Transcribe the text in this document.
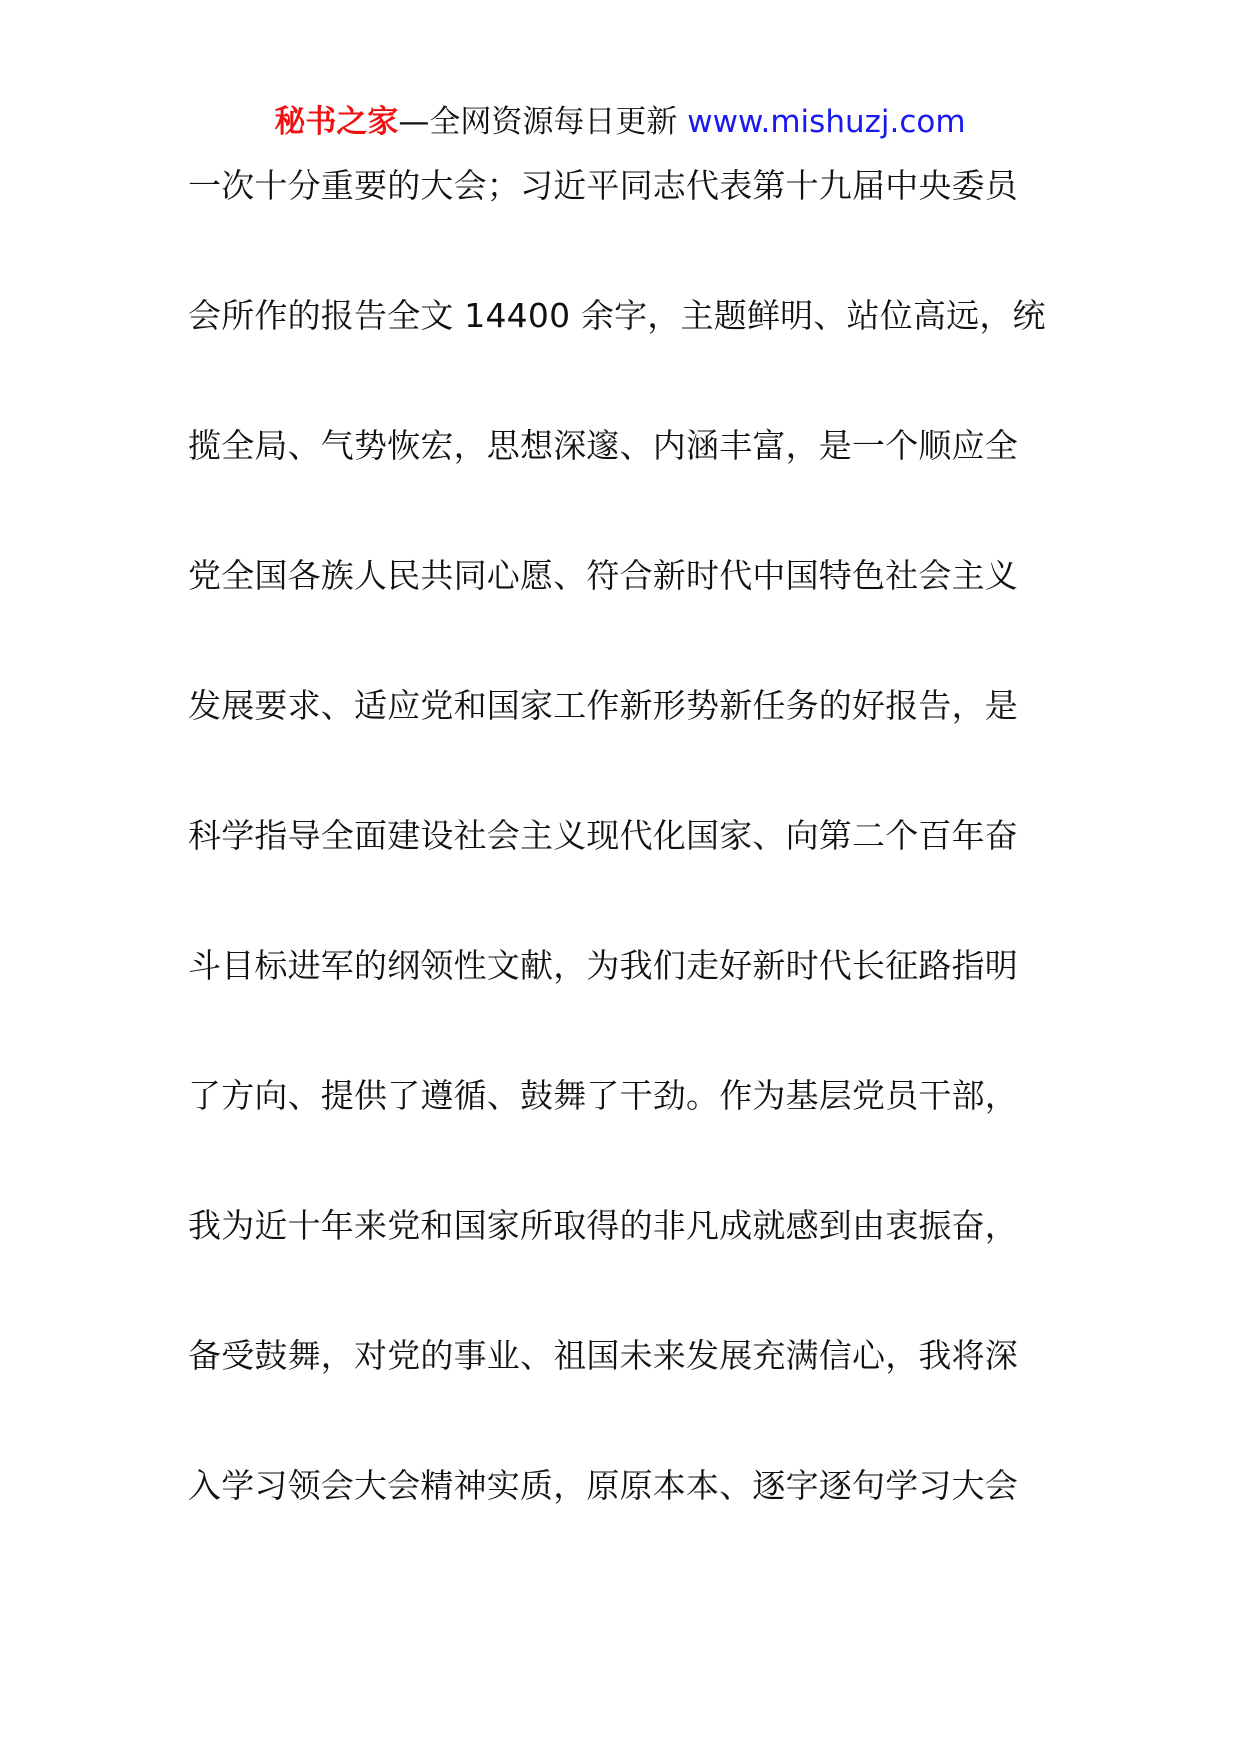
秘书之家—全网资源每日更新 www.mishuzj.com
一次十分重要的大会；习近平同志代表第十九届中央委员
会所作的报告全文 14400 余字，主题鲜明、站位高远，统
揽全局、气势恢宏，思想深邃、内涵丰富，是一个顺应全
党全国各族人民共同心愿、符合新时代中国特色社会主义
发展要求、适应党和国家工作新形势新任务的好报告，是
科学指导全面建设社会主义现代化国家、向第二个百年奋
斗目标进军的纲领性文献，为我们走好新时代长征路指明
了方向、提供了遵循、鼓舞了干劲。作为基层党员干部，
我为近十年来党和国家所取得的非凡成就感到由衷振奋，
备受鼓舞，对党的事业、祖国未来发展充满信心，我将深
入学习领会大会精神实质，原原本本、逐字逐句学习大会
